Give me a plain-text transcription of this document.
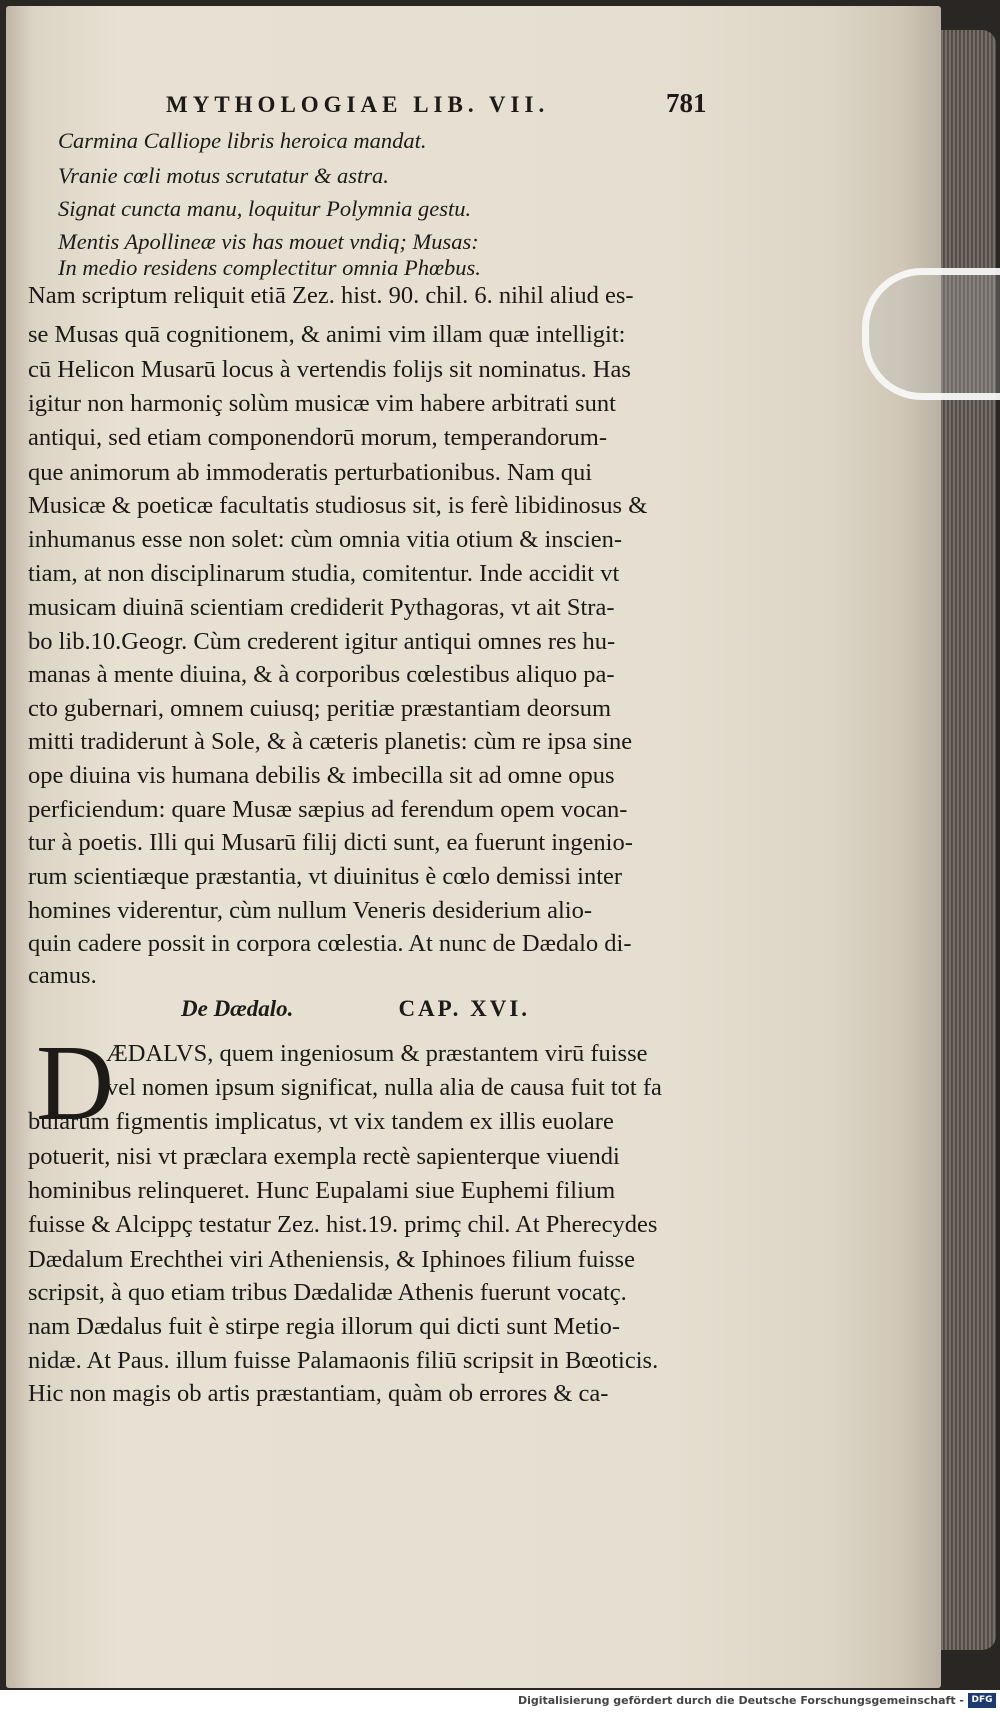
MYTHOLOGIAE LIB. VII.	781
Carmina Calliope libris heroica mandat.
Vranie cœli motus scrutatur & astra.
Signat cuncta manu, loquitur Polymnia gestu.
Mentis Apollineæ vis has mouet vndiq; Musas:
In medio residens complectitur omnia Phœbus.
Nam scriptum reliquit etiā Zez. hist. 90. chil. 6. nihil aliud es-
se Musas quā cognitionem, & animi vim illam quæ intelligit:
cū Helicon Musarū locus à vertendis folijs sit nominatus. Has
igitur non harmoniç solùm musicæ vim habere arbitrati sunt
antiqui, sed etiam componendorū morum, temperandorum-
que animorum ab immoderatis perturbationibus. Nam qui
Musicæ & poeticæ facultatis studiosus sit, is ferè libidinosus &
inhumanus esse non solet: cùm omnia vitia otium & inscien-
tiam, at non disciplinarum studia, comitentur. Inde accidit vt
musicam diuinā scientiam crediderit Pythagoras, vt ait Stra-
bo lib.10.Geogr. Cùm crederent igitur antiqui omnes res hu-
manas à mente diuina, & à corporibus cœlestibus aliquo pa-
cto gubernari, omnem cuiusq; peritiæ præstantiam deorsum
mitti tradiderunt à Sole, & à cæteris planetis: cùm re ipsa sine
ope diuina vis humana debilis & imbecilla sit ad omne opus
perficiendum: quare Musæ sæpius ad ferendum opem vocan-
tur à poetis. Illi qui Musarū filij dicti sunt, ea fuerunt ingenio-
rum scientiæque præstantia, vt diuinitus è cœlo demissi inter
homines viderentur, cùm nullum Veneris desiderium alio-
quin cadere possit in corpora cœlestia. At nunc de Dædalo di-
camus.
De Dædalo.	CAP. XVI.
D
ÆDALVS, quem ingeniosum & præstantem virū fuisse
vel nomen ipsum significat, nulla alia de causa fuit tot fa
bularum figmentis implicatus, vt vix tandem ex illis euolare
potuerit, nisi vt præclara exempla rectè sapienterque viuendi
hominibus relinqueret. Hunc Eupalami siue Euphemi filium
fuisse & Alcippç testatur Zez. hist.19. primç chil. At Pherecydes
Dædalum Erechthei viri Atheniensis, & Iphinoes filium fuisse
scripsit, à quo etiam tribus Dædalidæ Athenis fuerunt vocatç.
nam Dædalus fuit è stirpe regia illorum qui dicti sunt Metio-
nidæ. At Paus. illum fuisse Palamaonis filiū scripsit in Bœoticis.
Hic non magis ob artis præstantiam, quàm ob errores & ca-
Digitalisierung gefördert durch die Deutsche Forschungsgemeinschaft - DFG
